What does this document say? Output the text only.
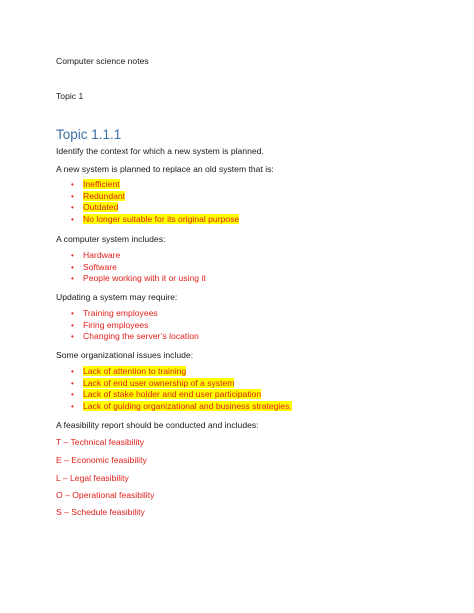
Computer science notes
Topic 1
Topic 1.1.1
Identify the context for which a new system is planned.
A new system is planned to replace an old system that is:
• Inefficient
• Redundant
• Outdated
• No longer suitable for its original purpose
A computer system includes:
• Hardware
• Software
• People working with it or using it
Updating a system may require:
• Training employees
• Firing employees
• Changing the server’s location
Some organizational issues include:
• Lack of attention to training
• Lack of end user ownership of a system
• Lack of stake holder and end user participation
• Lack of guiding organizational and business strategies.
A feasibility report should be conducted and includes:
T – Technical feasibility
E – Economic feasibility
L – Legal feasibility
O – Operational feasibility
S – Schedule feasibility
